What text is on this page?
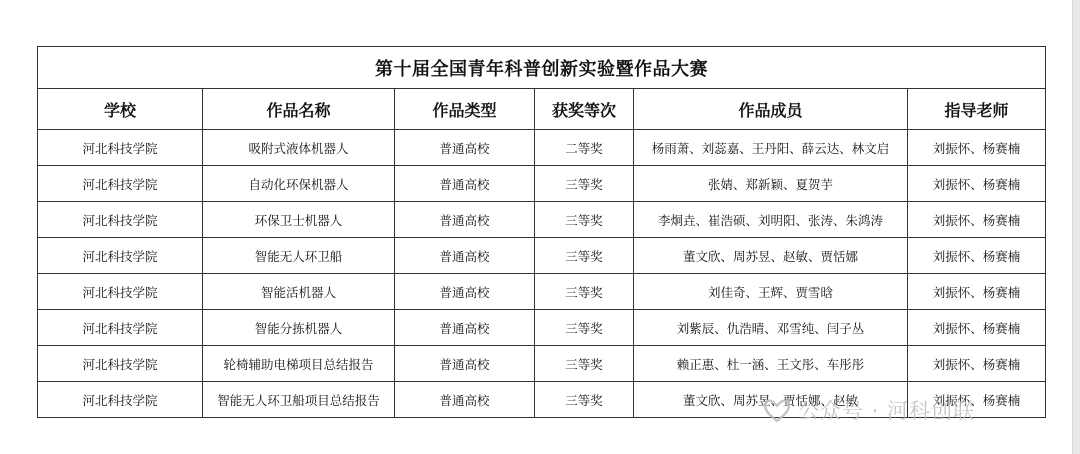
第十届全国青年科普创新实验暨作品大赛					
学校	作品名称	作品类型	获奖等次	作品成员	指导老师
河北科技学院	吸附式液体机器人	普通高校	二等奖	杨雨萧、刘蕊嘉、王丹阳、薛云达、林文启	刘振怀、杨赛楠
河北科技学院	自动化环保机器人	普通高校	三等奖	张婧、郑新颖、夏贺芋	刘振怀、杨赛楠
河北科技学院	环保卫士机器人	普通高校	三等奖	李炯垚、崔浩硕、刘明阳、张涛、朱鸿涛	刘振怀、杨赛楠
河北科技学院	智能无人环卫船	普通高校	三等奖	董文欣、周苏昱、赵敏、贾恬娜	刘振怀、杨赛楠
河北科技学院	智能活机器人	普通高校	三等奖	刘佳奇、王辉、贾雪晗	刘振怀、杨赛楠
河北科技学院	智能分拣机器人	普通高校	三等奖	刘紫辰、仇浩晴、邓雪纯、闫子丛	刘振怀、杨赛楠
河北科技学院	轮椅辅助电梯项目总结报告	普通高校	三等奖	赖正惠、杜一涵、王文彤、车彤彤	刘振怀、杨赛楠
河北科技学院	智能无人环卫船项目总结报告	普通高校	三等奖	董文欣、周苏昱、贾恬娜、赵敏	刘振怀、杨赛楠
公众号 · 河科创联
